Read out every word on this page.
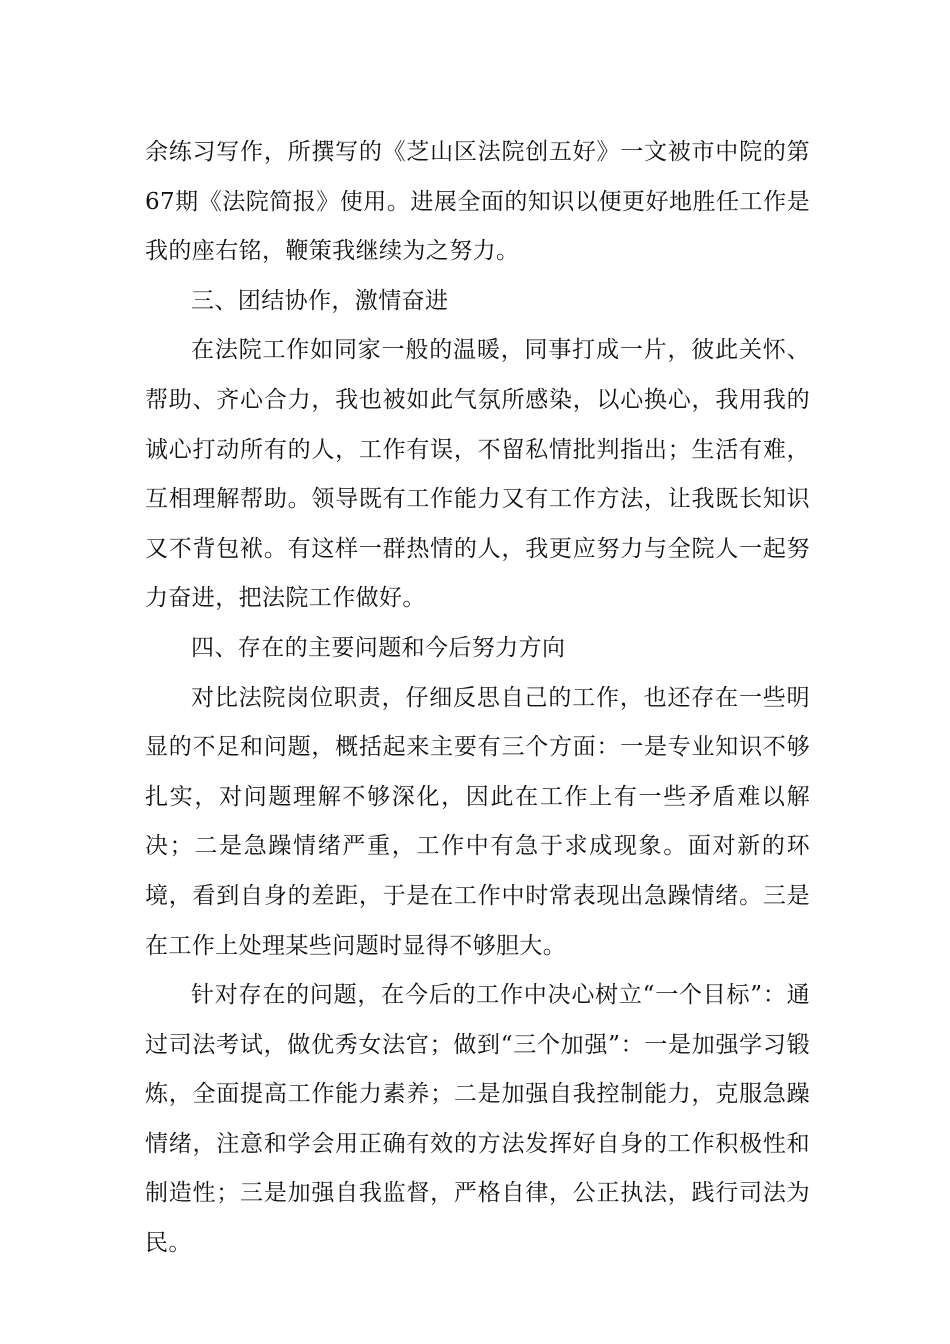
余练习写作，所撰写的《芝山区法院创五好》一文被市中院的第67期《法院简报》使用。进展全面的知识以便更好地胜任工作是我的座右铭，鞭策我继续为之努力。

三、团结协作，激情奋进

在法院工作如同家一般的温暖，同事打成一片，彼此关怀、帮助、齐心合力，我也被如此气氛所感染，以心换心，我用我的诚心打动所有的人，工作有误，不留私情批判指出；生活有难，互相理解帮助。领导既有工作能力又有工作方法，让我既长知识又不背包袱。有这样一群热情的人，我更应努力与全院人一起努力奋进，把法院工作做好。

四、存在的主要问题和今后努力方向

对比法院岗位职责，仔细反思自己的工作，也还存在一些明显的不足和问题，概括起来主要有三个方面：一是专业知识不够扎实，对问题理解不够深化，因此在工作上有一些矛盾难以解决；二是急躁情绪严重，工作中有急于求成现象。面对新的环境，看到自身的差距，于是在工作中时常表现出急躁情绪。三是在工作上处理某些问题时显得不够胆大。

针对存在的问题，在今后的工作中决心树立“一个目标”：通过司法考试，做优秀女法官；做到“三个加强”：一是加强学习锻炼，全面提高工作能力素养；二是加强自我控制能力，克服急躁情绪，注意和学会用正确有效的方法发挥好自身的工作积极性和制造性；三是加强自我监督，严格自律，公正执法，践行司法为民。
